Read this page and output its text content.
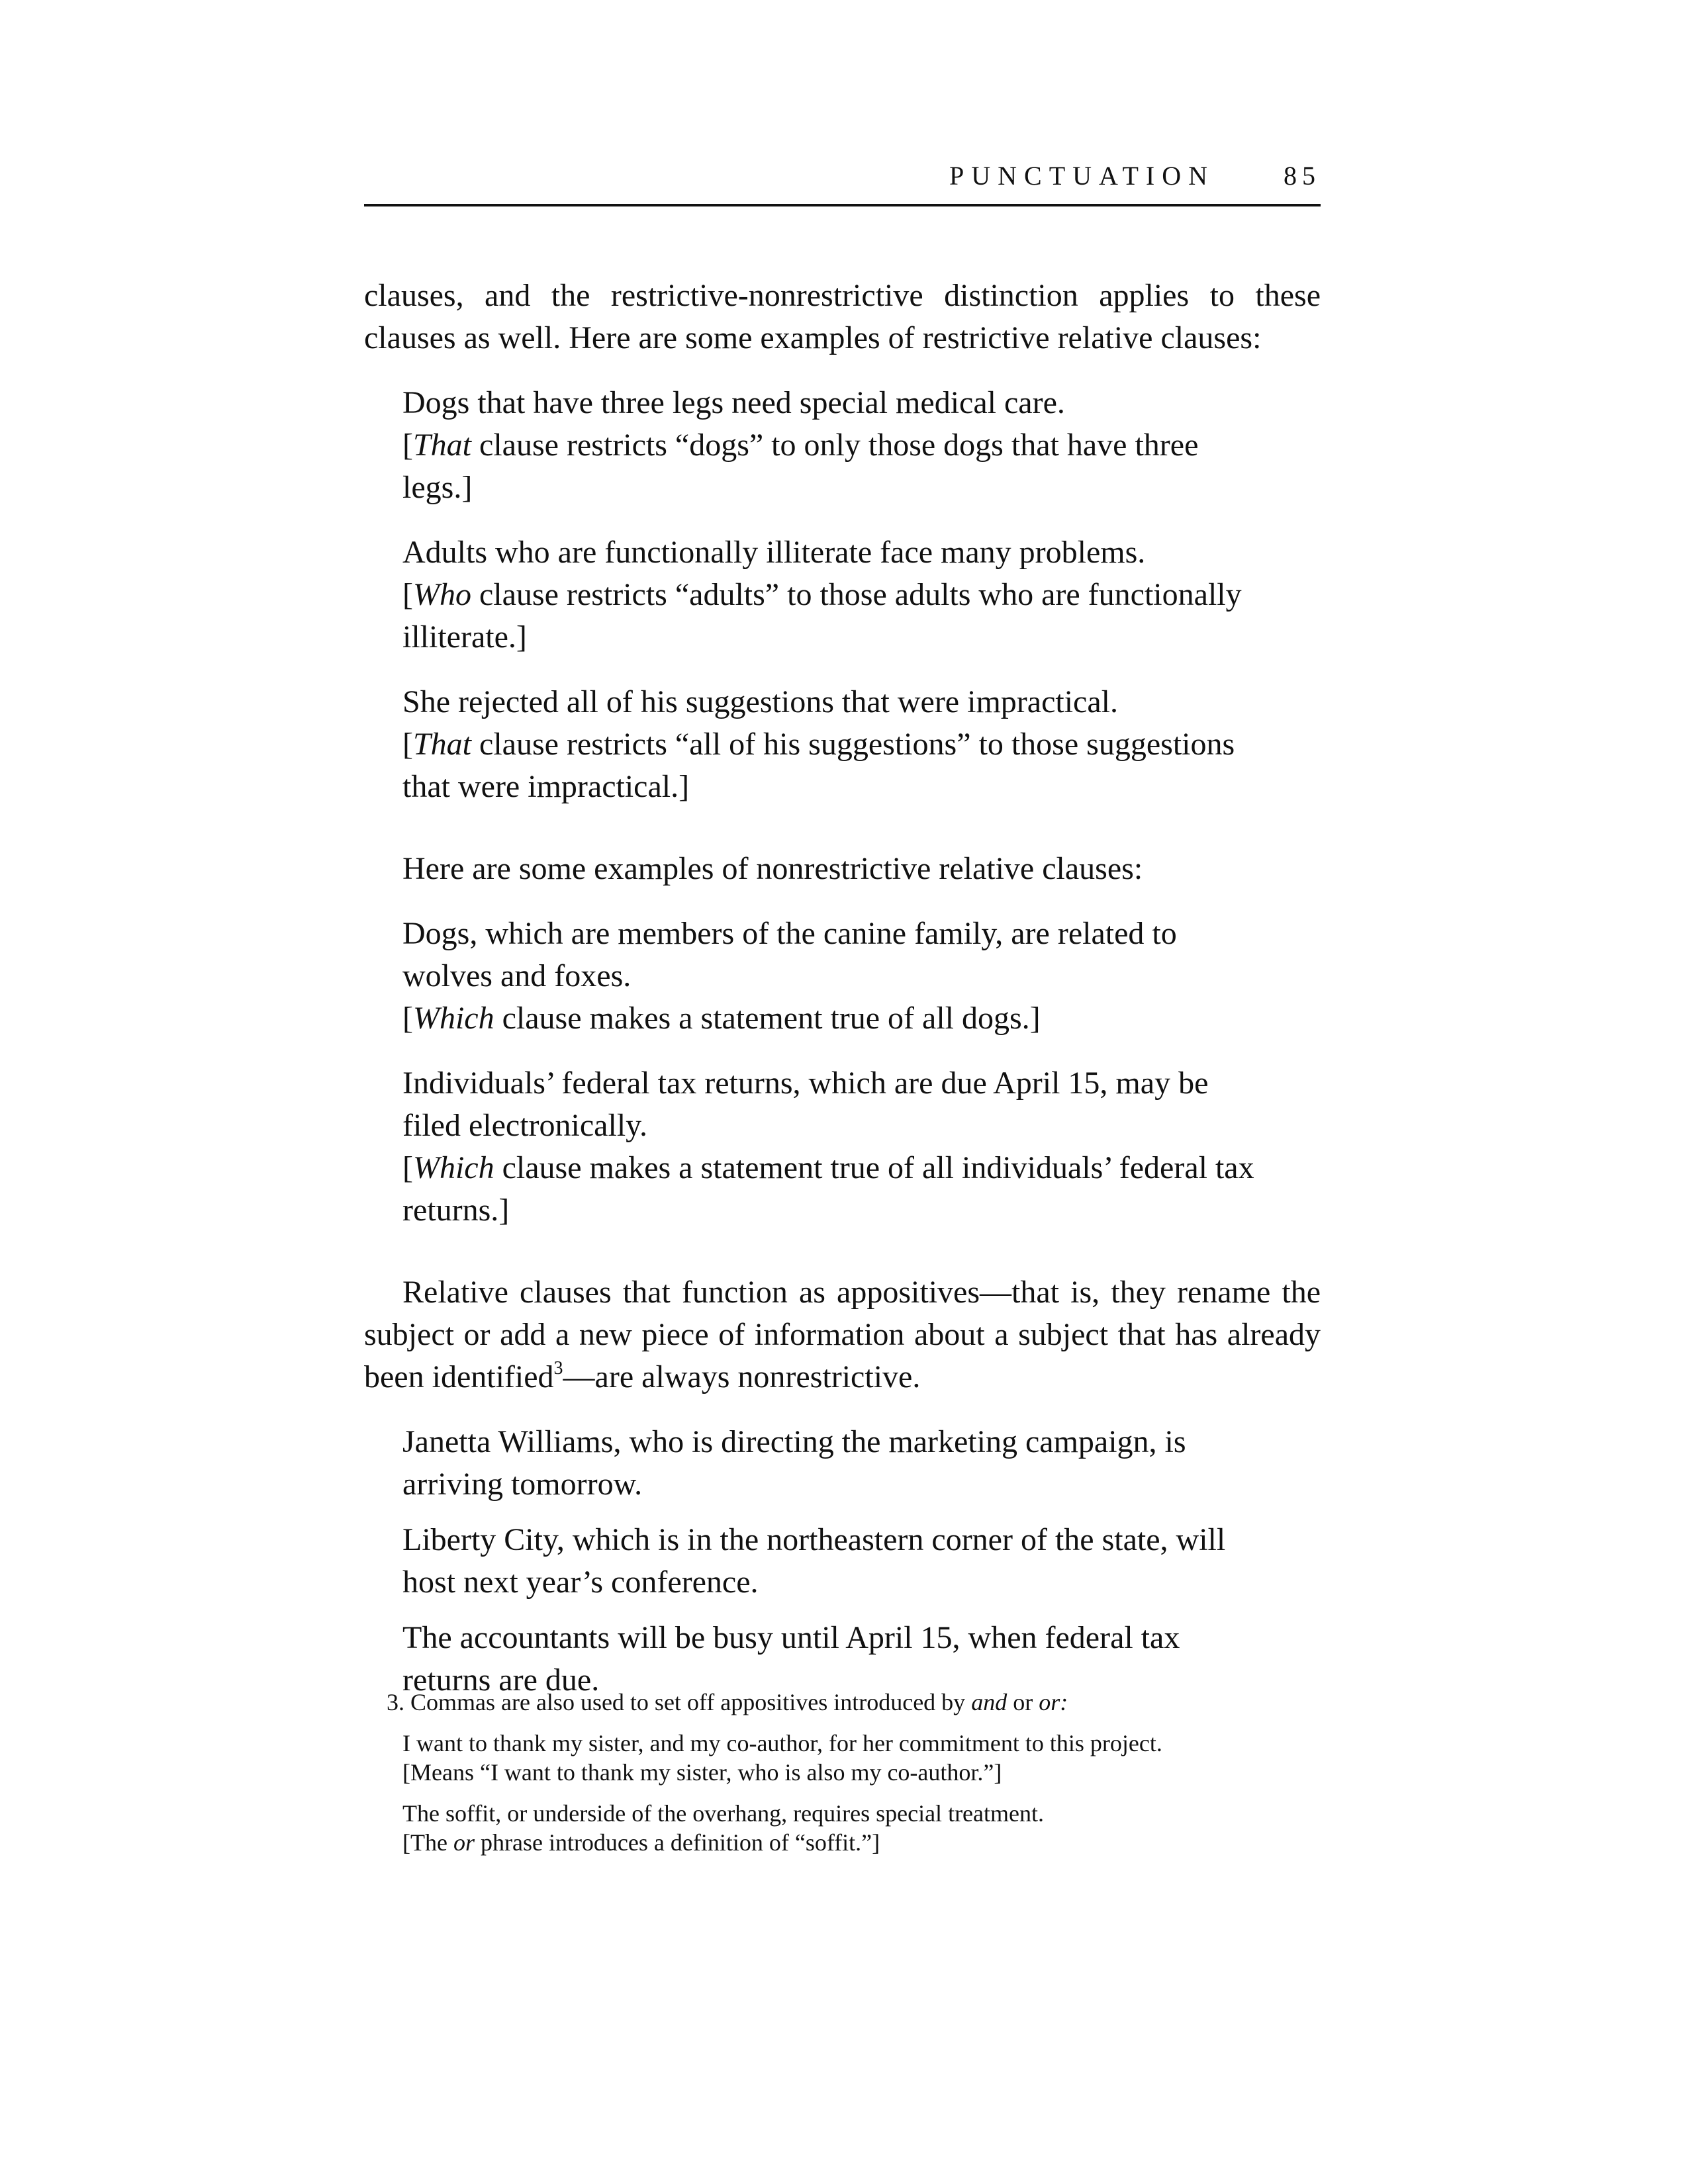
PUNCTUATION	85

clauses, and the restrictive-nonrestrictive distinction applies to these clauses as well. Here are some examples of restrictive relative clauses:

Dogs that have three legs need special medical care.

[That clause restricts “dogs” to only those dogs that have three legs.]

Adults who are functionally illiterate face many problems.

[Who clause restricts “adults” to those adults who are functionally illiterate.]

She rejected all of his suggestions that were impractical.

[That clause restricts “all of his suggestions” to those suggestions that were impractical.]

Here are some examples of nonrestrictive relative clauses:

Dogs, which are members of the canine family, are related to wolves and foxes.

[Which clause makes a statement true of all dogs.]

Individuals’ federal tax returns, which are due April 15, may be filed electronically.

[Which clause makes a statement true of all individuals’ federal tax returns.]

Relative clauses that function as appositives—that is, they rename the subject or add a new piece of information about a subject that has already been identified$^3$—are always nonrestrictive.

Janetta Williams, who is directing the marketing campaign, is arriving tomorrow.

Liberty City, which is in the northeastern corner of the state, will host next year’s conference.

The accountants will be busy until April 15, when federal tax returns are due.

3. Commas are also used to set off appositives introduced by and or or:

I want to thank my sister, and my co-author, for her commitment to this project.

[Means “I want to thank my sister, who is also my co-author.”]

The soffit, or underside of the overhang, requires special treatment.

[The or phrase introduces a definition of “soffit.”]
